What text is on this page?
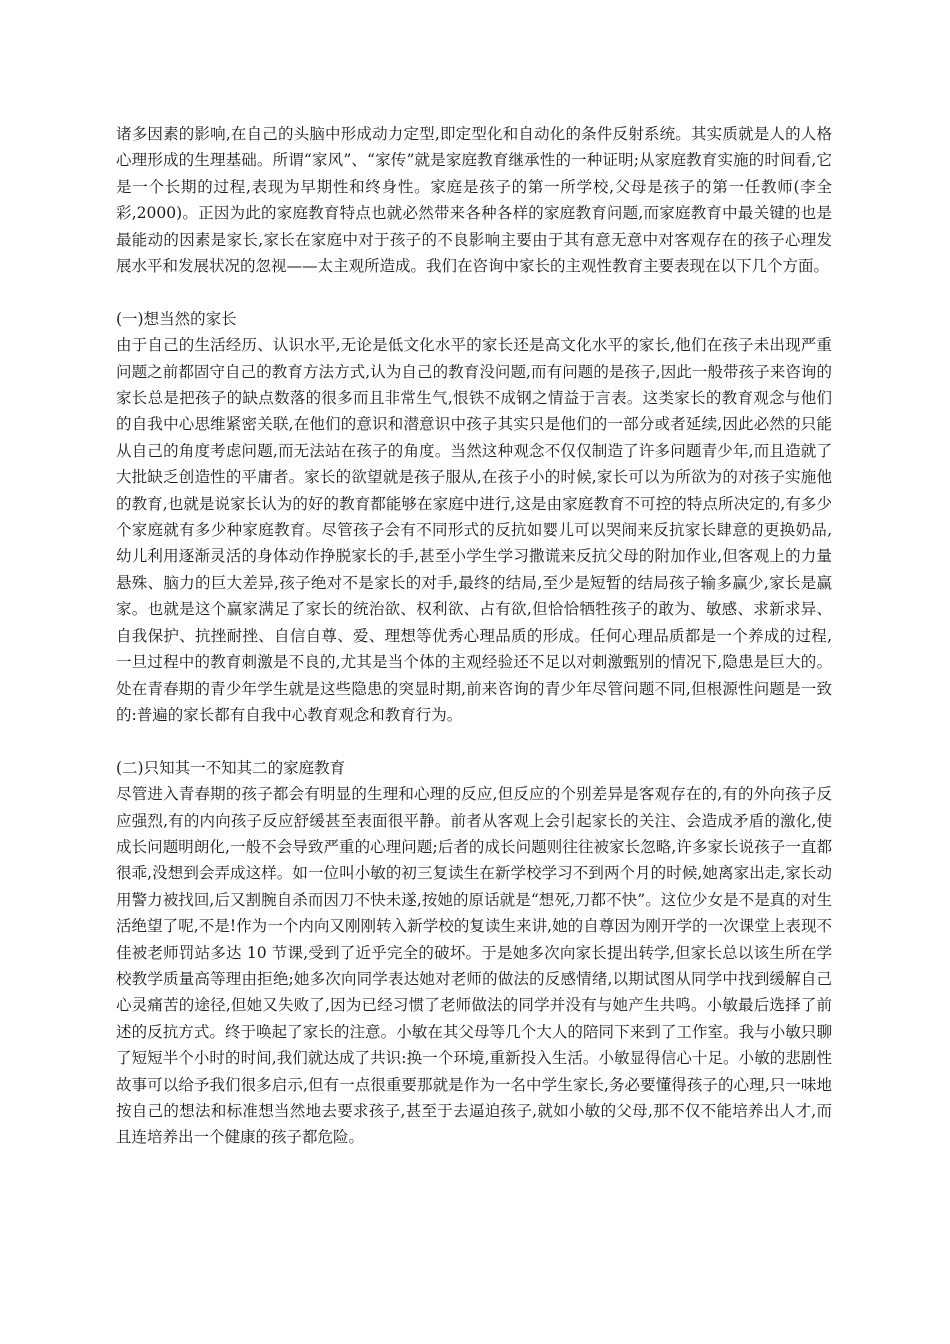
诸多因素的影响,在自己的头脑中形成动力定型,即定型化和自动化的条件反射系统。其实质就是人的人格心理形成的生理基础。所谓“家风”、“家传”就是家庭教育继承性的一种证明;从家庭教育实施的时间看,它是一个长期的过程,表现为早期性和终身性。家庭是孩子的第一所学校,父母是孩子的第一任教师(李全彩,2000)。正因为此的家庭教育特点也就必然带来各种各样的家庭教育问题,而家庭教育中最关键的也是最能动的因素是家长,家长在家庭中对于孩子的不良影响主要由于其有意无意中对客观存在的孩子心理发展水平和发展状况的忽视——太主观所造成。我们在咨询中家长的主观性教育主要表现在以下几个方面。

(一)想当然的家长

由于自己的生活经历、认识水平,无论是低文化水平的家长还是高文化水平的家长,他们在孩子未出现严重问题之前都固守自己的教育方法方式,认为自己的教育没问题,而有问题的是孩子,因此一般带孩子来咨询的家长总是把孩子的缺点数落的很多而且非常生气,恨铁不成钢之情益于言表。这类家长的教育观念与他们的自我中心思维紧密关联,在他们的意识和潜意识中孩子其实只是他们的一部分或者延续,因此必然的只能从自己的角度考虑问题,而无法站在孩子的角度。当然这种观念不仅仅制造了许多问题青少年,而且造就了大批缺乏创造性的平庸者。家长的欲望就是孩子服从,在孩子小的时候,家长可以为所欲为的对孩子实施他的教育,也就是说家长认为的好的教育都能够在家庭中进行,这是由家庭教育不可控的特点所决定的,有多少个家庭就有多少种家庭教育。尽管孩子会有不同形式的反抗如婴儿可以哭闹来反抗家长肆意的更换奶品,幼儿利用逐渐灵活的身体动作挣脱家长的手,甚至小学生学习撒谎来反抗父母的附加作业,但客观上的力量悬殊、脑力的巨大差异,孩子绝对不是家长的对手,最终的结局,至少是短暂的结局孩子输多赢少,家长是赢家。也就是这个赢家满足了家长的统治欲、权利欲、占有欲,但恰恰牺牲孩子的敢为、敏感、求新求异、自我保护、抗挫耐挫、自信自尊、爱、理想等优秀心理品质的形成。任何心理品质都是一个养成的过程,一旦过程中的教育刺激是不良的,尤其是当个体的主观经验还不足以对刺激甄别的情况下,隐患是巨大的。处在青春期的青少年学生就是这些隐患的突显时期,前来咨询的青少年尽管问题不同,但根源性问题是一致的:普遍的家长都有自我中心教育观念和教育行为。

(二)只知其一不知其二的家庭教育

尽管进入青春期的孩子都会有明显的生理和心理的反应,但反应的个别差异是客观存在的,有的外向孩子反应强烈,有的内向孩子反应舒缓甚至表面很平静。前者从客观上会引起家长的关注、会造成矛盾的激化,使成长问题明朗化,一般不会导致严重的心理问题;后者的成长问题则往往被家长忽略,许多家长说孩子一直都很乖,没想到会弄成这样。如一位叫小敏的初三复读生在新学校学习不到两个月的时候,她离家出走,家长动用警力被找回,后又割腕自杀而因刀不快未遂,按她的原话就是“想死,刀都不快”。这位少女是不是真的对生活绝望了呢,不是!作为一个内向又刚刚转入新学校的复读生来讲,她的自尊因为刚开学的一次课堂上表现不佳被老师罚站多达 10 节课,受到了近乎完全的破坏。于是她多次向家长提出转学,但家长总以该生所在学校教学质量高等理由拒绝;她多次向同学表达她对老师的做法的反感情绪,以期试图从同学中找到缓解自己心灵痛苦的途径,但她又失败了,因为已经习惯了老师做法的同学并没有与她产生共鸣。小敏最后选择了前述的反抗方式。终于唤起了家长的注意。小敏在其父母等几个大人的陪同下来到了工作室。我与小敏只聊了短短半个小时的时间,我们就达成了共识:换一个环境,重新投入生活。小敏显得信心十足。小敏的悲剧性故事可以给予我们很多启示,但有一点很重要那就是作为一名中学生家长,务必要懂得孩子的心理,只一味地按自己的想法和标准想当然地去要求孩子,甚至于去逼迫孩子,就如小敏的父母,那不仅不能培养出人才,而且连培养出一个健康的孩子都危险。
